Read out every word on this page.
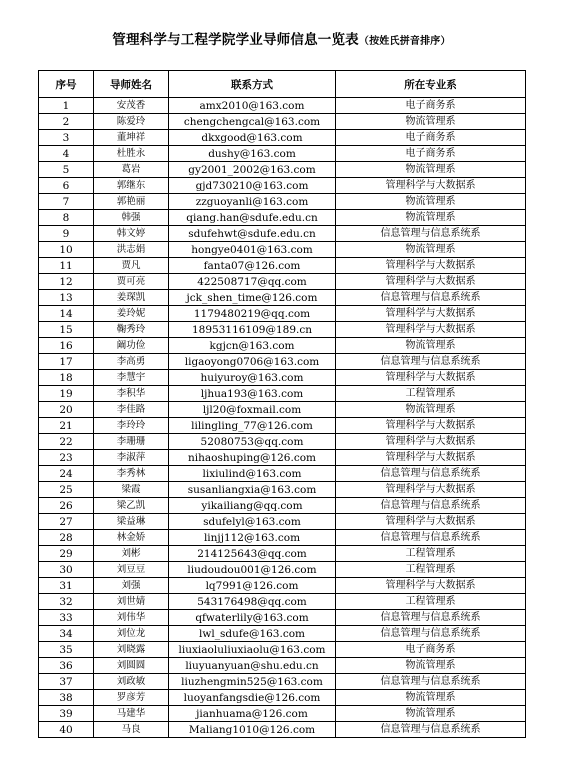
管理科学与工程学院学业导师信息一览表（按姓氏拼音排序）
序号	导师姓名	联系方式	所在专业系
1	安茂香	amx2010@163.com	电子商务系
2	陈爱玲	chengchengcal@163.com	物流管理系
3	董坤祥	dkxgood@163.com	电子商务系
4	杜胜永	dushy@163.com	电子商务系
5	葛岩	gy2001_2002@163.com	物流管理系
6	郭继东	gjd730210@163.com	管理科学与大数据系
7	郭艳丽	zzguoyanli@163.com	物流管理系
8	韩强	qiang.han@sdufe.edu.cn	物流管理系
9	韩文婷	sdufehwt@sdufe.edu.cn	信息管理与信息系统系
10	洪志娟	hongye0401@163.com	物流管理系
11	贾凡	fanta07@126.com	管理科学与大数据系
12	贾可亮	422508717@qq.com	管理科学与大数据系
13	姜琛凯	jck_shen_time@126.com	信息管理与信息系统系
14	姜玲妮	1179480219@qq.com	管理科学与大数据系
15	鞠秀玲	18953116109@189.cn	管理科学与大数据系
16	阚功俭	kgjcn@163.com	物流管理系
17	李高勇	ligaoyong0706@163.com	信息管理与信息系统系
18	李慧宇	huiyuroy@163.com	管理科学与大数据系
19	李积华	ljhua193@163.com	工程管理系
20	李佳路	ljl20@foxmail.com	物流管理系
21	李玲玲	lilingling_77@126.com	管理科学与大数据系
22	李珊珊	52080753@qq.com	管理科学与大数据系
23	李淑萍	nihaoshuping@126.com	管理科学与大数据系
24	李秀林	lixiulind@163.com	信息管理与信息系统系
25	梁霞	susanliangxia@163.com	管理科学与大数据系
26	梁乙凯	yikailiang@qq.com	信息管理与信息系统系
27	梁益琳	sdufelyl@163.com	管理科学与大数据系
28	林金娇	linjj112@163.com	信息管理与信息系统系
29	刘彬	214125643@qq.com	工程管理系
30	刘豆豆	liudoudou001@126.com	工程管理系
31	刘强	lq7991@126.com	管理科学与大数据系
32	刘世婧	543176498@qq.com	工程管理系
33	刘伟华	qfwaterlily@163.com	信息管理与信息系统系
34	刘位龙	lwl_sdufe@163.com	信息管理与信息系统系
35	刘晓露	liuxiaoluliuxiaolu@163.com	电子商务系
36	刘圆圆	liuyuanyuan@shu.edu.cn	物流管理系
37	刘政敏	liuzhengmin525@163.com	信息管理与信息系统系
38	罗彦芳	luoyanfangsdie@126.com	物流管理系
39	马建华	jianhuama@126.com	物流管理系
40	马良	Maliang1010@126.com	信息管理与信息系统系
